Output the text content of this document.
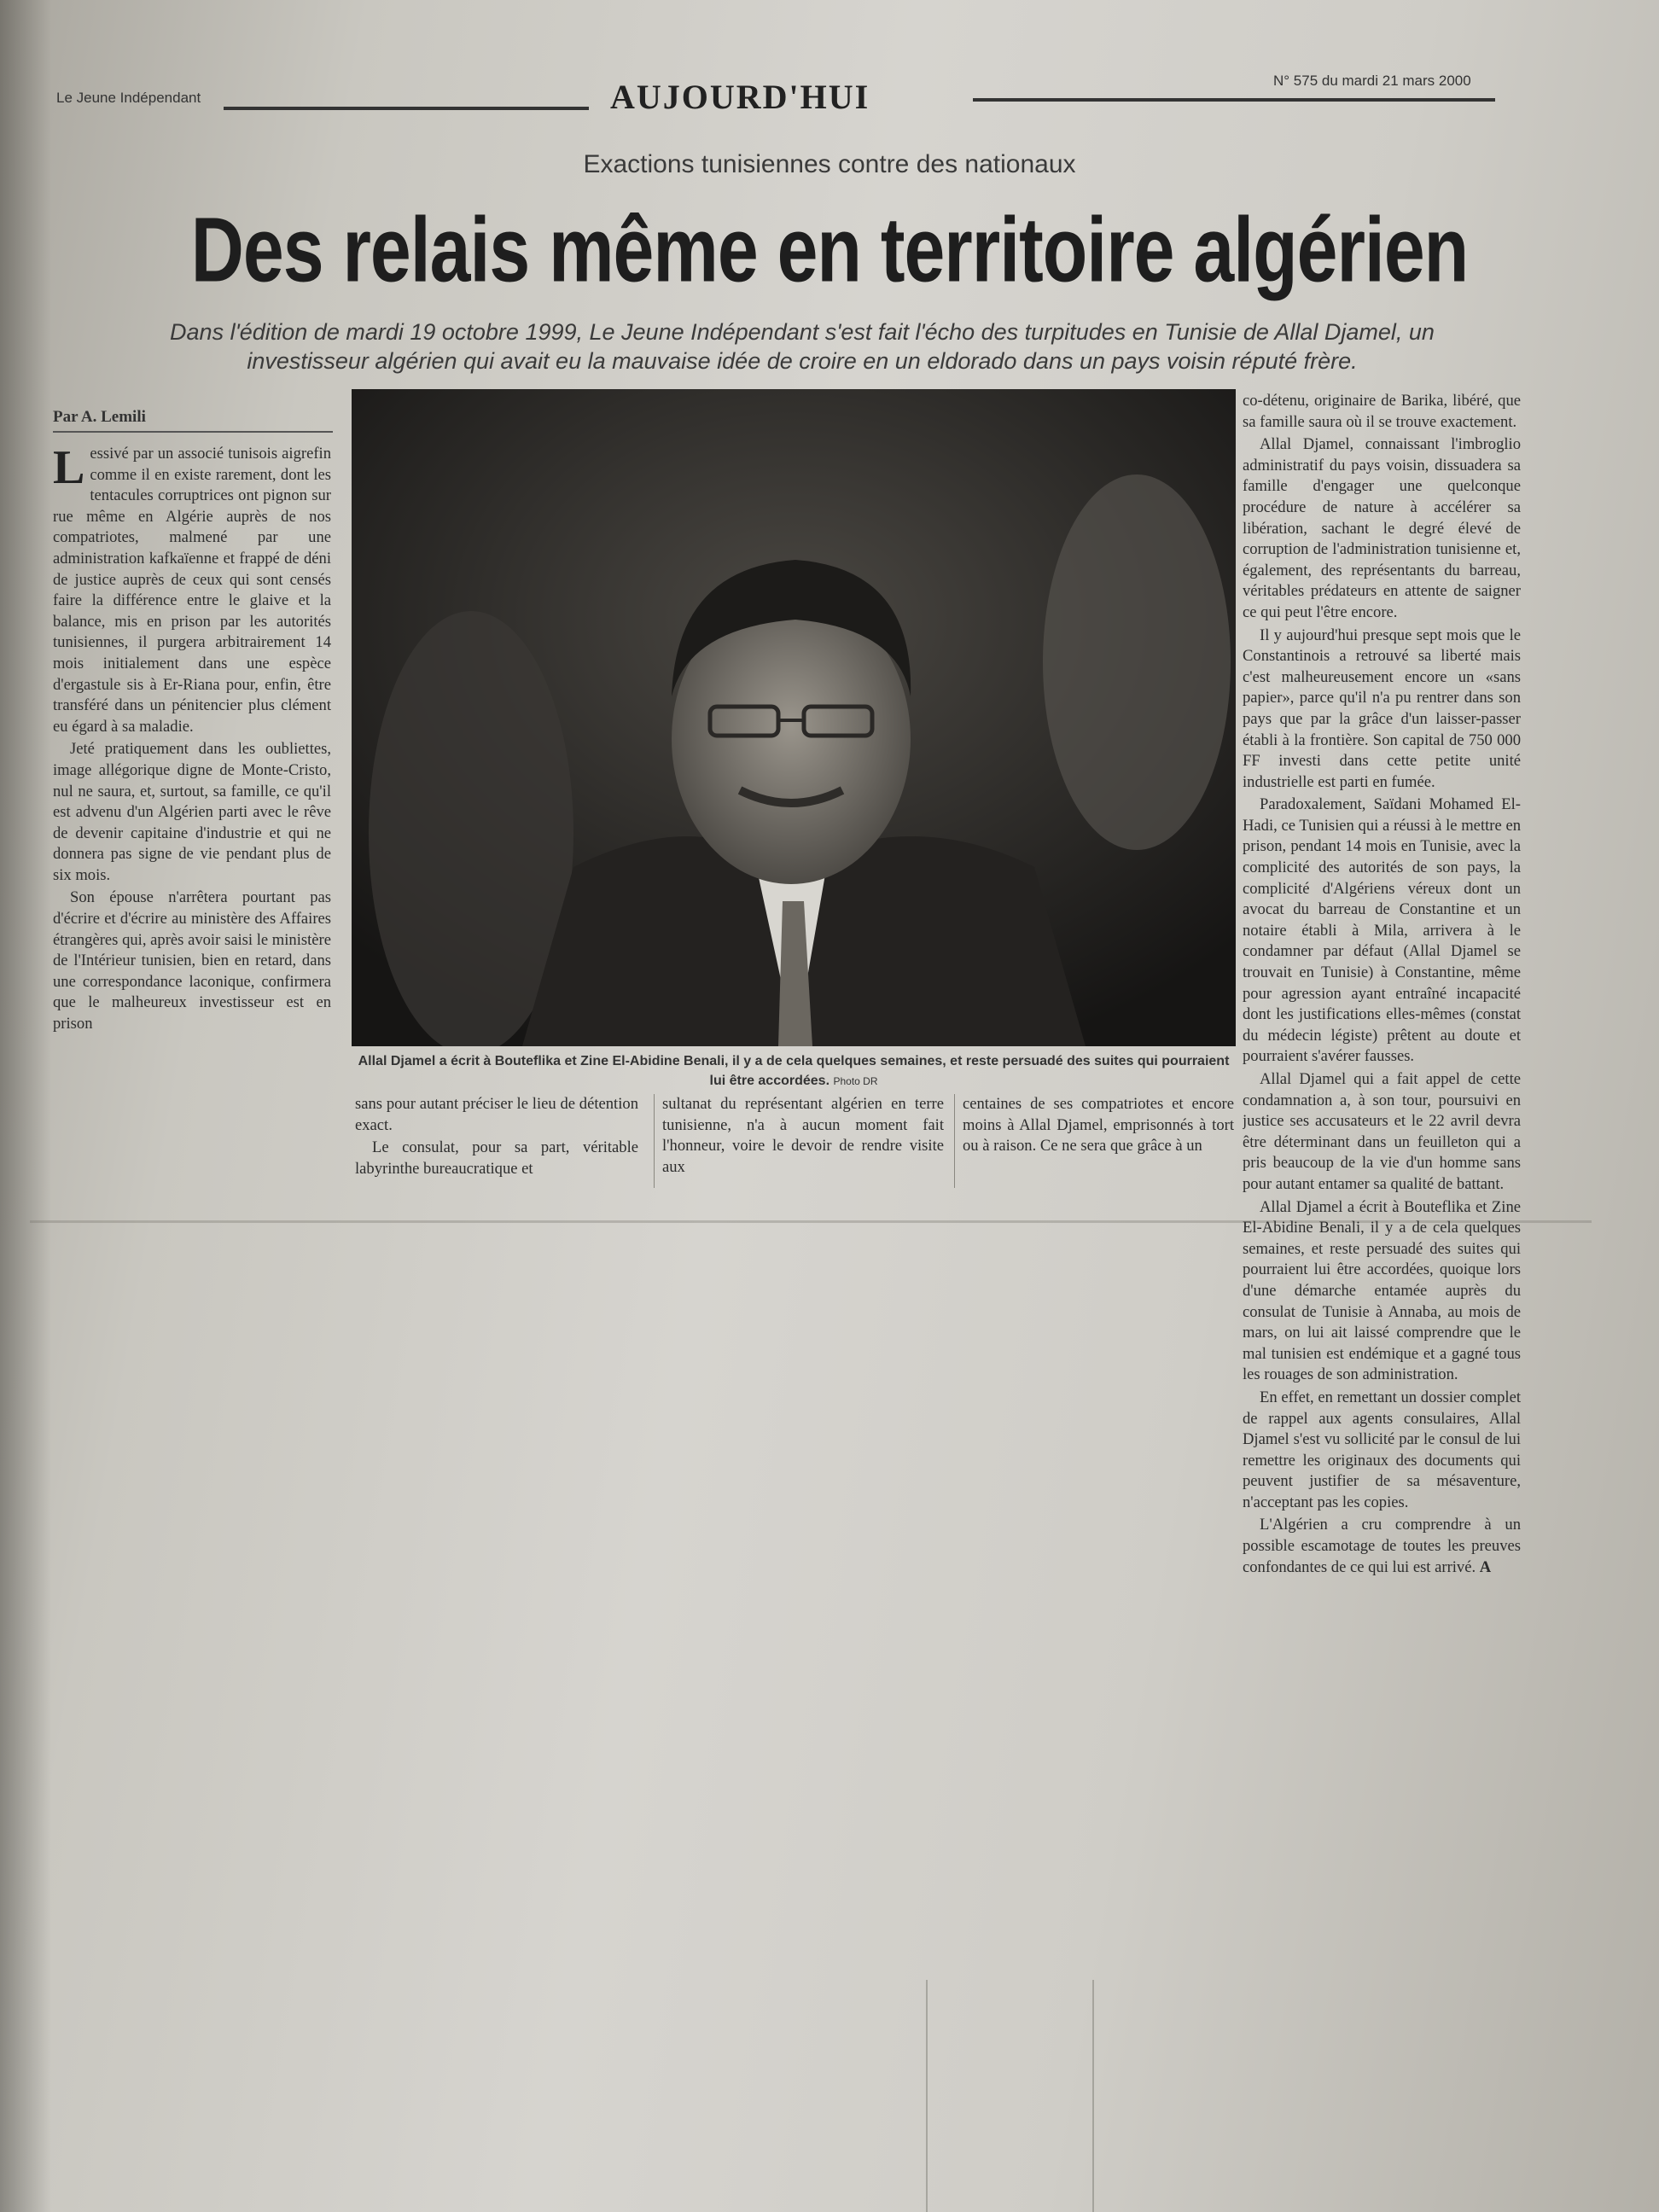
Le Jeune Indépendant	AUJOURD'HUI	N° 575 du mardi 21 mars 2000
Exactions tunisiennes contre des nationaux
Des relais même en territoire algérien
Dans l'édition de mardi 19 octobre 1999, Le Jeune Indépendant s'est fait l'écho des turpitudes en Tunisie de Allal Djamel, un investisseur algérien qui avait eu la mauvaise idée de croire en un eldorado dans un pays voisin réputé frère.
Par A. Lemili

Lessivé par un associé tunisois aigrefin comme il en existe rarement, dont les tentacules corruptrices ont pignon sur rue même en Algérie auprès de nos compatriotes, malmené par une administration kafkaïenne et frappé de déni de justice auprès de ceux qui sont censés faire la différence entre le glaive et la balance, mis en prison par les autorités tunisiennes, il purgera arbitrairement 14 mois initialement dans une espèce d'ergastule sis à Er-Riana pour, enfin, être transféré dans un pénitencier plus clément eu égard à sa maladie.

Jeté pratiquement dans les oubliettes, image allégorique digne de Monte-Cristo, nul ne saura, et, surtout, sa famille, ce qu'il est advenu d'un Algérien parti avec le rêve de devenir capitaine d'industrie et qui ne donnera pas signe de vie pendant plus de six mois.

Son épouse n'arrêtera pourtant pas d'écrire et d'écrire au ministère des Affaires étrangères qui, après avoir saisi le ministère de l'Intérieur tunisien, bien en retard, dans une correspondance laconique, confirmera que le malheureux investisseur est en prison

Allal Djamel a écrit à Bouteflika et Zine El-Abidine Benali, il y a de cela quelques semaines, et reste persuadé des suites qui pourraient lui être accordées. Photo DR

sans pour autant préciser le lieu de détention exact.

Le consulat, pour sa part, véritable labyrinthe bureaucratique et

sultanat du représentant algérien en terre tunisienne, n'a à aucun moment fait l'honneur, voire le devoir de rendre visite aux

centaines de ses compatriotes et encore moins à Allal Djamel, emprisonnés à tort ou à raison. Ce ne sera que grâce à un

co-détenu, originaire de Barika, libéré, que sa famille saura où il se trouve exactement.

Allal Djamel, connaissant l'imbroglio administratif du pays voisin, dissuadera sa famille d'engager une quelconque procédure de nature à accélérer sa libération, sachant le degré élevé de corruption de l'administration tunisienne et, également, des représentants du barreau, véritables prédateurs en attente de saigner ce qui peut l'être encore.

Il y aujourd'hui presque sept mois que le Constantinois a retrouvé sa liberté mais c'est malheureusement encore un «sans papier», parce qu'il n'a pu rentrer dans son pays que par la grâce d'un laisser-passer établi à la frontière. Son capital de 750 000 FF investi dans cette petite unité industrielle est parti en fumée.

Paradoxalement, Saïdani Mohamed El-Hadi, ce Tunisien qui a réussi à le mettre en prison, pendant 14 mois en Tunisie, avec la complicité des autorités de son pays, la complicité d'Algériens véreux dont un avocat du barreau de Constantine et un notaire établi à Mila, arrivera à le condamner par défaut (Allal Djamel se trouvait en Tunisie) à Constantine, même pour agression ayant entraîné incapacité dont les justifications elles-mêmes (constat du médecin légiste) prêtent au doute et pourraient s'avérer fausses.

Allal Djamel qui a fait appel de cette condamnation a, à son tour, poursuivi en justice ses accusateurs et le 22 avril devra être déterminant dans un feuilleton qui a pris beaucoup de la vie d'un homme sans pour autant entamer sa qualité de battant.

Allal Djamel a écrit à Bouteflika et Zine El-Abidine Benali, il y a de cela quelques semaines, et reste persuadé des suites qui pourraient lui être accordées, quoique lors d'une démarche entamée auprès du consulat de Tunisie à Annaba, au mois de mars, on lui ait laissé comprendre que le mal tunisien est endémique et a gagné tous les rouages de son administration.

En effet, en remettant un dossier complet de rappel aux agents consulaires, Allal Djamel s'est vu sollicité par le consul de lui remettre les originaux des documents qui peuvent justifier de sa mésaventure, n'acceptant pas les copies.

L'Algérien a cru comprendre à un possible escamotage de toutes les preuves confondantes de ce qui lui est arrivé. A
